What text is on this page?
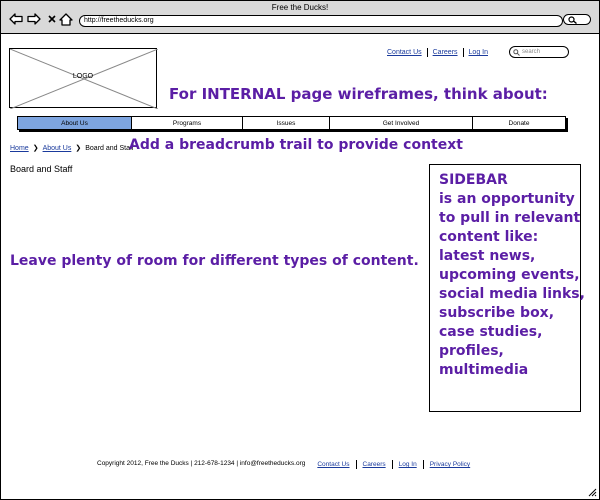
Free the Ducks!
http://freetheducks.org
LOGO
Contact Us	Careers	Log In	search
For INTERNAL page wireframes, think about:
About Us	Programs	Issues	Get Involved	Donate
Home ❯ About Us ❯ Board and Staff
Add a breadcrumb trail to provide context
Board and Staff
Leave plenty of room for different types of content.
SIDEBAR
is an opportunity
to pull in relevant
content like:
latest news,
upcoming events,
social media links,
subscribe box,
case studies,
profiles,
multimedia
Copyright 2012, Free the Ducks | 212-678-1234 | info@freetheducks.org	Contact Us	Careers	Log In	Privacy Policy
